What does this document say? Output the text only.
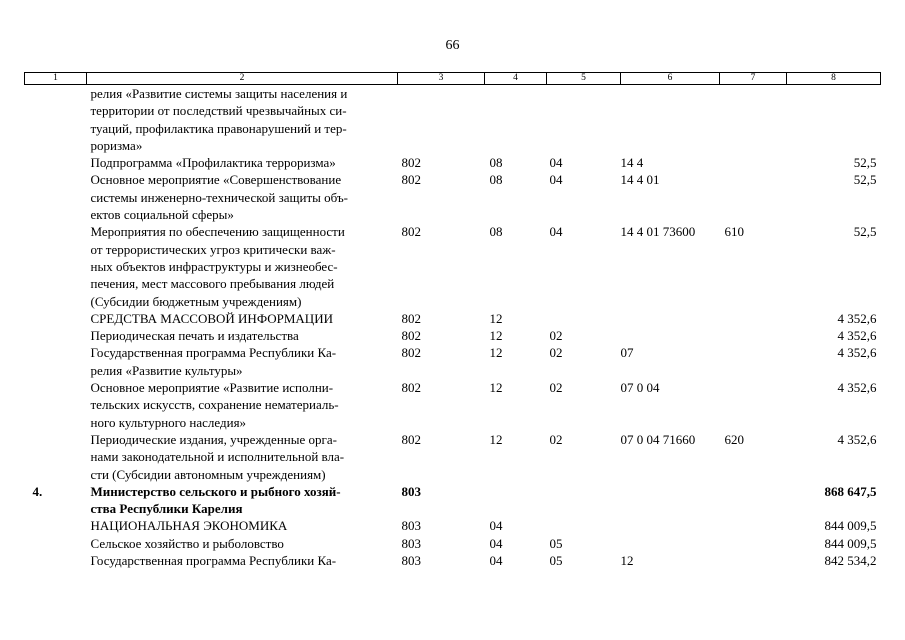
66
1	2	3	4	5	6	7	8

	релия «Развитие системы защиты населения и
территории от последствий чрезвычайных си-
туаций, профилактика правонарушений и тер-
роризма»						

	Подпрограмма «Профилактика терроризма»	802	08	04	14 4		52,5

	Основное мероприятие «Совершенствование
системы инженерно-технической защиты объ-
ектов социальной сферы»	802	08	04	14 4 01		52,5

	Мероприятия по обеспечению защищенности
от террористических угроз критически важ-
ных объектов инфраструктуры и жизнеобес-
печения, мест массового пребывания людей
(Субсидии бюджетным учреждениям)	802	08	04	14 4 01 73600	610	52,5

	СРЕДСТВА МАССОВОЙ ИНФОРМАЦИИ	802	12				4 352,6

	Периодическая печать и издательства	802	12	02			4 352,6

	Государственная программа Республики Ка-
релия «Развитие культуры»	802	12	02	07		4 352,6

	Основное мероприятие «Развитие исполни-
тельских искусств, сохранение нематериаль-
ного культурного наследия»	802	12	02	07 0 04		4 352,6

	Периодические издания, учрежденные орга-
нами законодательной и исполнительной вла-
сти (Субсидии автономным учреждениям)	802	12	02	07 0 04 71660	620	4 352,6
4.	Министерство сельского и рыбного хозяй-
ства Республики Карелия	803					868 647,5

	НАЦИОНАЛЬНАЯ ЭКОНОМИКА	803	04				844 009,5

	Сельское хозяйство и рыболовство	803	04	05			844 009,5

	Государственная программа Республики Ка-	803	04	05	12		842 534,2
